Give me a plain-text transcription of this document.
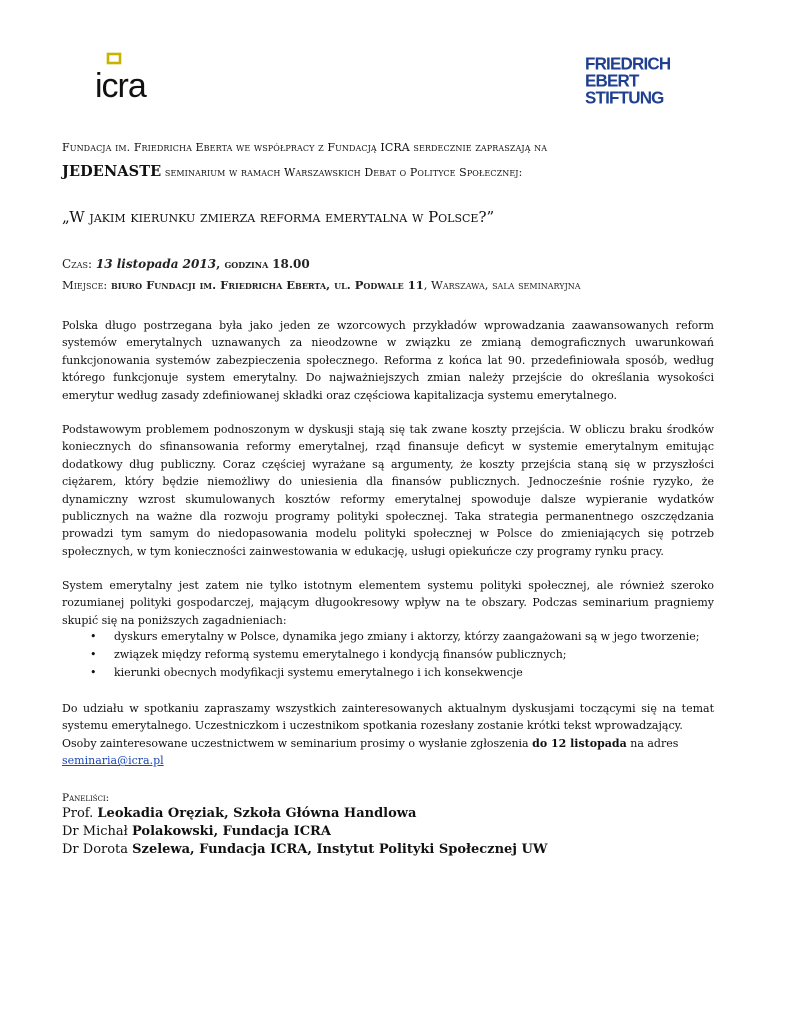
icra
FRIEDRICH
EBERT
STIFTUNG
Fundacja im. Friedricha Eberta we współpracy z Fundacją ICRA serdecznie zapraszają na
JEDENASTE seminarium w ramach Warszawskich Debat o Polityce Społecznej:
„W jakim kierunku zmierza reforma emerytalna w Polsce?”
Czas: 13 listopada 2013, godzina 18.00
Miejsce: biuro Fundacji im. Friedricha Eberta, ul. Podwale 11, Warszawa, sala seminaryjna
Polska długo postrzegana była jako jeden ze wzorcowych przykładów wprowadzania zaawansowanych reform systemów emerytalnych uznawanych za nieodzowne w związku ze zmianą demograficznych uwarunkowań funkcjonowania systemów zabezpieczenia społecznego. Reforma z końca lat 90. przedefiniowała sposób, według którego funkcjonuje system emerytalny. Do najważniejszych zmian należy przejście do określania wysokości emerytur według zasady zdefiniowanej składki oraz częściowa kapitalizacja systemu emerytalnego.
Podstawowym problemem podnoszonym w dyskusji stają się tak zwane koszty przejścia. W obliczu braku środków koniecznych do sfinansowania reformy emerytalnej, rząd finansuje deficyt w systemie emerytalnym emitując dodatkowy dług publiczny. Coraz częściej wyrażane są argumenty, że koszty przejścia staną się w przyszłości ciężarem, który będzie niemożliwy do uniesienia dla finansów publicznych. Jednocześnie rośnie ryzyko, że dynamiczny wzrost skumulowanych kosztów reformy emerytalnej spowoduje dalsze wypieranie wydatków publicznych na ważne dla rozwoju programy polityki społecznej. Taka strategia permanentnego oszczędzania prowadzi tym samym do niedopasowania modelu polityki społecznej w Polsce do zmieniających się potrzeb społecznych, w tym konieczności zainwestowania w edukację, usługi opiekuńcze czy programy rynku pracy.
System emerytalny jest zatem nie tylko istotnym elementem systemu polityki społecznej, ale również szeroko rozumianej polityki gospodarczej, mającym długookresowy wpływ na te obszary. Podczas seminarium pragniemy skupić się na poniższych zagadnieniach:
• dyskurs emerytalny w Polsce, dynamika jego zmiany i aktorzy, którzy zaangażowani są w jego tworzenie;
• związek między reformą systemu emerytalnego i kondycją finansów publicznych;
• kierunki obecnych modyfikacji systemu emerytalnego i ich konsekwencje
Do udziału w spotkaniu zapraszamy wszystkich zainteresowanych aktualnym dyskusjami toczącymi się na temat systemu emerytalnego. Uczestniczkom i uczestnikom spotkania rozesłany zostanie krótki tekst wprowadzający.
Osoby zainteresowane uczestnictwem w seminarium prosimy o wysłanie zgłoszenia do 12 listopada na adres
seminaria@icra.pl
Paneliści:
Prof. Leokadia Oręziak, Szkoła Główna Handlowa
Dr Michał Polakowski, Fundacja ICRA
Dr Dorota Szelewa, Fundacja ICRA, Instytut Polityki Społecznej UW
